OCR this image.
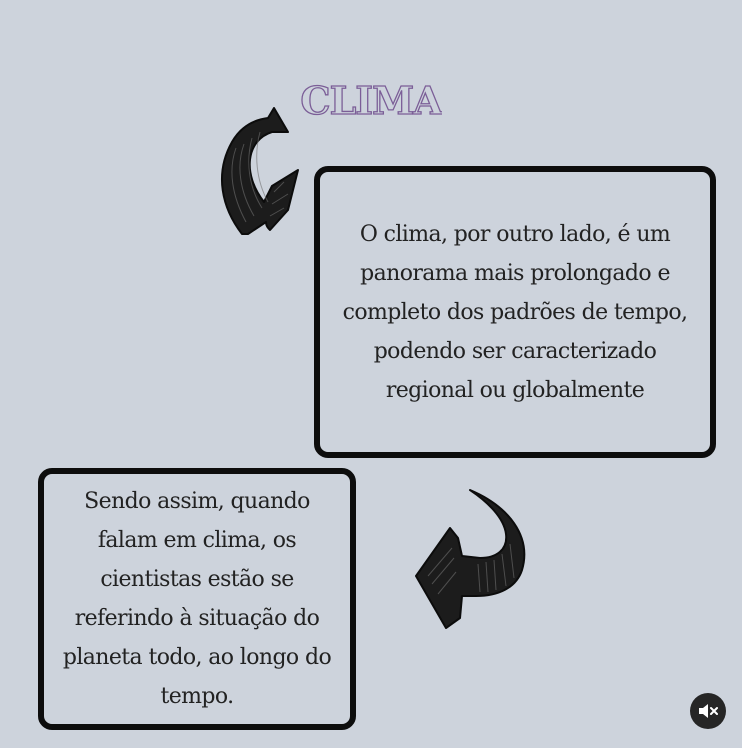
CLIMA

O clima, por outro lado, é um panorama mais prolongado e completo dos padrões de tempo, podendo ser caracterizado regional ou globalmente

Sendo assim, quando falam em clima, os cientistas estão se referindo à situação do planeta todo, ao longo do tempo.
